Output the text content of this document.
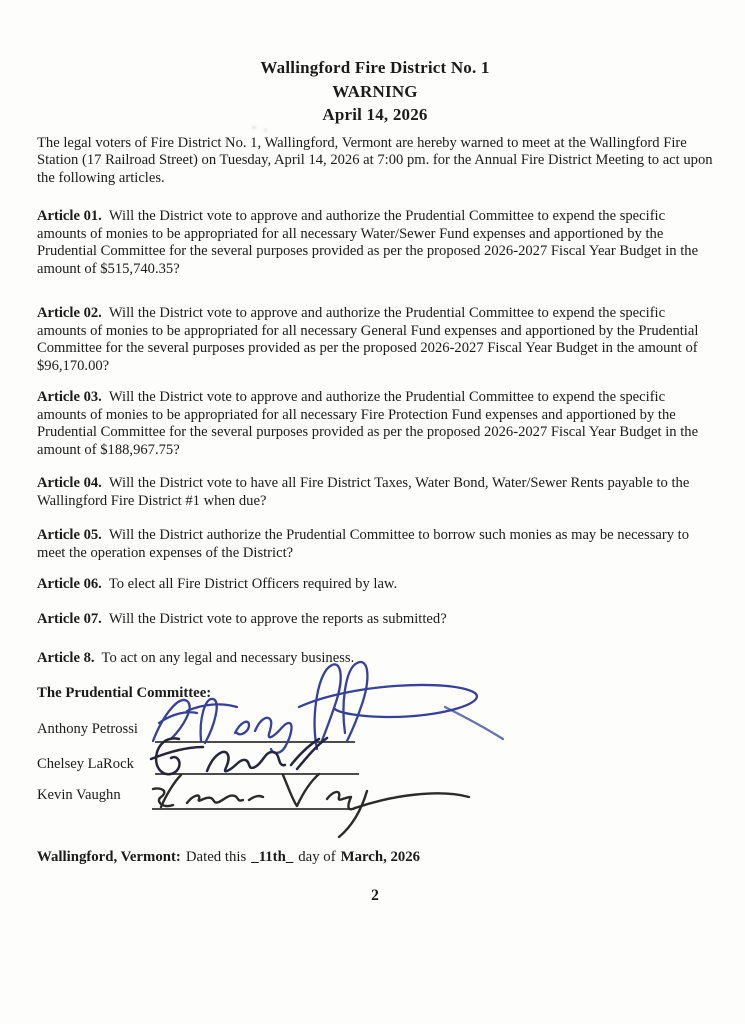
Wallingford Fire District No. 1
WARNING
April 14, 2026

The legal voters of Fire District No. 1, Wallingford, Vermont are hereby warned to meet at the Wallingford Fire Station (17 Railroad Street) on Tuesday, April 14, 2026 at 7:00 pm. for the Annual Fire District Meeting to act upon the following articles.

Article 01. Will the District vote to approve and authorize the Prudential Committee to expend the specific amounts of monies to be appropriated for all necessary Water/Sewer Fund expenses and apportioned by the Prudential Committee for the several purposes provided as per the proposed 2026-2027 Fiscal Year Budget in the amount of $515,740.35?

Article 02. Will the District vote to approve and authorize the Prudential Committee to expend the specific amounts of monies to be appropriated for all necessary General Fund expenses and apportioned by the Prudential Committee for the several purposes provided as per the proposed 2026-2027 Fiscal Year Budget in the amount of $96,170.00?

Article 03. Will the District vote to approve and authorize the Prudential Committee to expend the specific amounts of monies to be appropriated for all necessary Fire Protection Fund expenses and apportioned by the Prudential Committee for the several purposes provided as per the proposed 2026-2027 Fiscal Year Budget in the amount of $188,967.75?

Article 04. Will the District vote to have all Fire District Taxes, Water Bond, Water/Sewer Rents payable to the Wallingford Fire District #1 when due?

Article 05. Will the District authorize the Prudential Committee to borrow such monies as may be necessary to meet the operation expenses of the District?

Article 06. To elect all Fire District Officers required by law.

Article 07. Will the District vote to approve the reports as submitted?

Article 8. To act on any legal and necessary business.

The Prudential Committee:
Anthony Petrossi
Chelsey LaRock
Kevin Vaughn

Wallingford, Vermont: Dated this _11th_ day of March, 2026

2
